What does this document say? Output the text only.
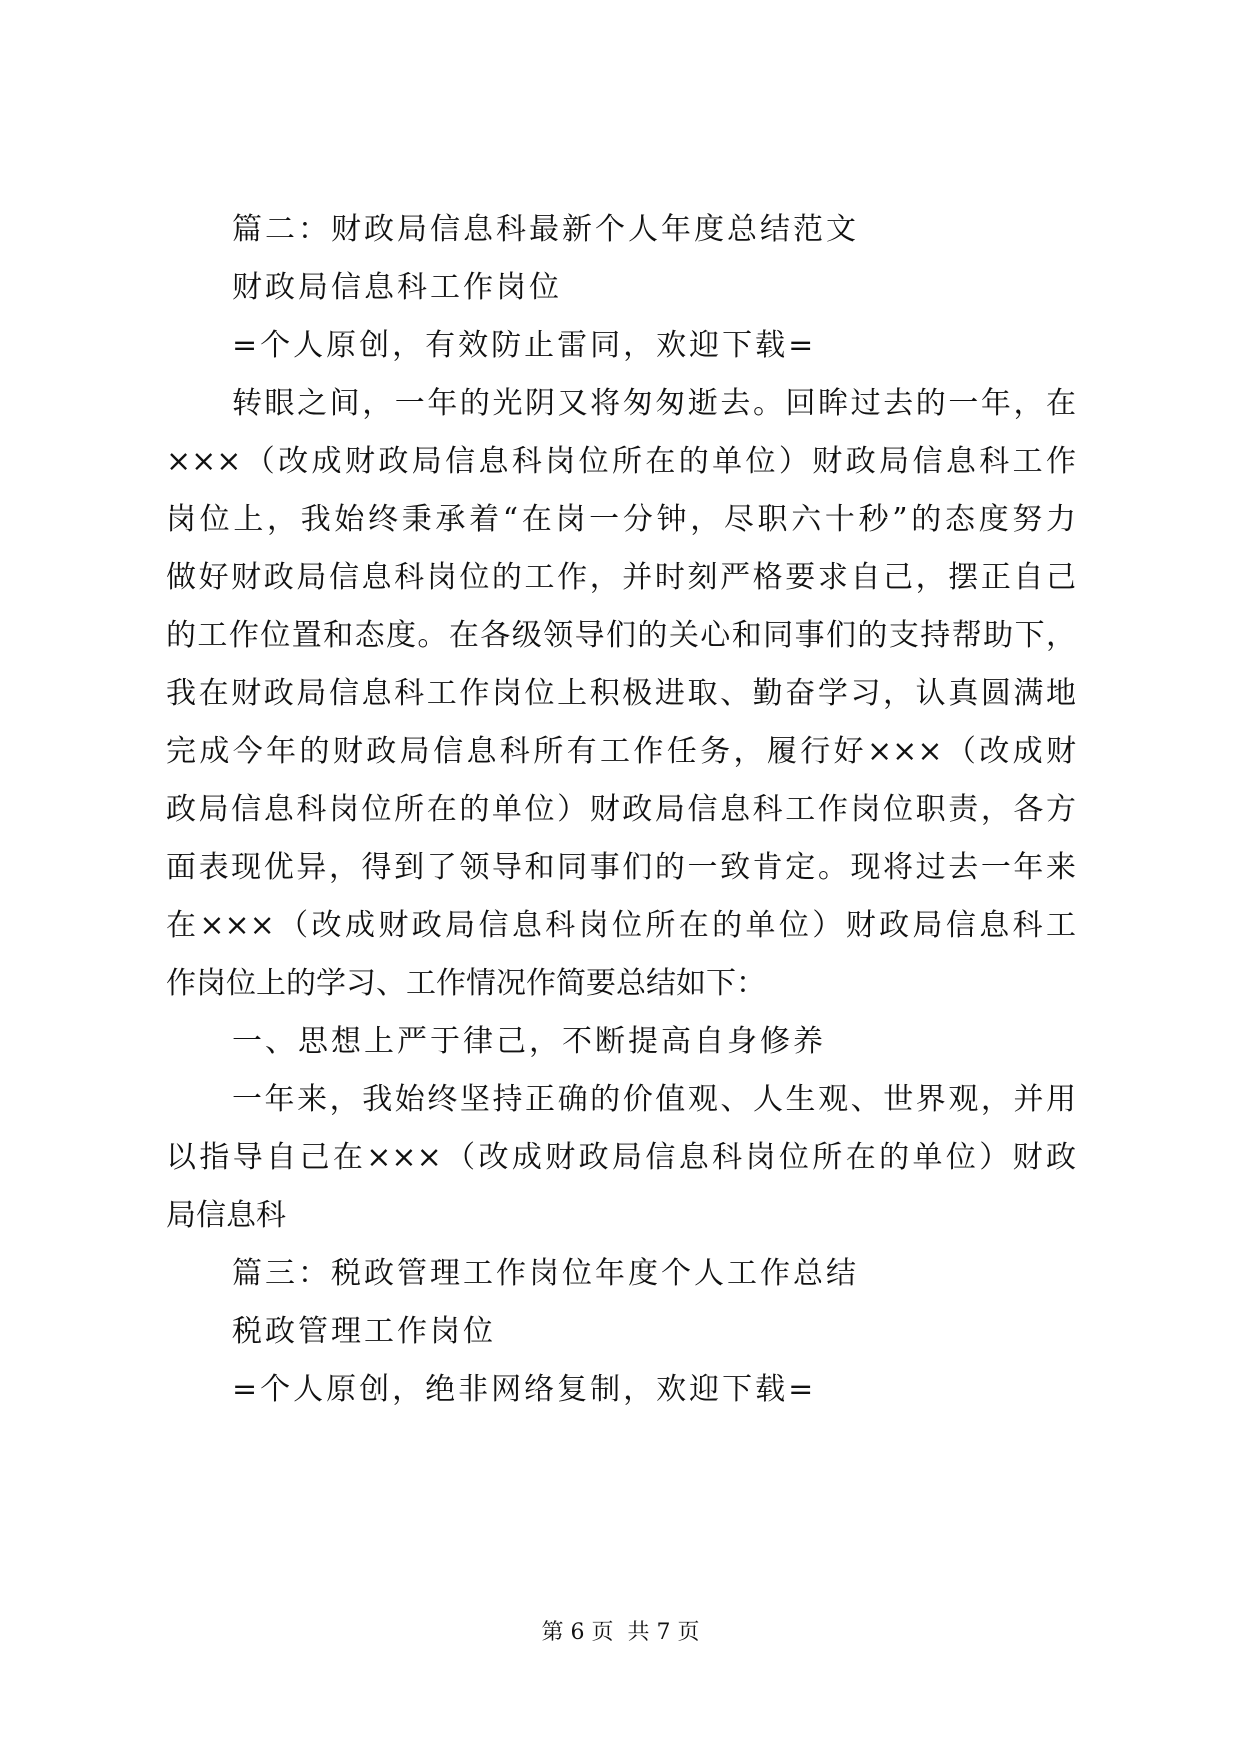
篇二：财政局信息科最新个人年度总结范文
财政局信息科工作岗位
=个人原创，有效防止雷同，欢迎下载=
转眼之间，一年的光阴又将匆匆逝去。回眸过去的一年，在
×××（改成财政局信息科岗位所在的单位）财政局信息科工作
岗位上，我始终秉承着“在岗一分钟，尽职六十秒”的态度努力
做好财政局信息科岗位的工作，并时刻严格要求自己，摆正自己
的工作位置和态度。在各级领导们的关心和同事们的支持帮助下，
我在财政局信息科工作岗位上积极进取、勤奋学习，认真圆满地
完成今年的财政局信息科所有工作任务，履行好×××（改成财
政局信息科岗位所在的单位）财政局信息科工作岗位职责，各方
面表现优异，得到了领导和同事们的一致肯定。现将过去一年来
在×××（改成财政局信息科岗位所在的单位）财政局信息科工
作岗位上的学习、工作情况作简要总结如下：
一、思想上严于律己，不断提高自身修养
一年来，我始终坚持正确的价值观、人生观、世界观，并用
以指导自己在×××（改成财政局信息科岗位所在的单位）财政
局信息科
篇三：税政管理工作岗位年度个人工作总结
税政管理工作岗位
=个人原创，绝非网络复制，欢迎下载=
第 6 页  共 7 页
